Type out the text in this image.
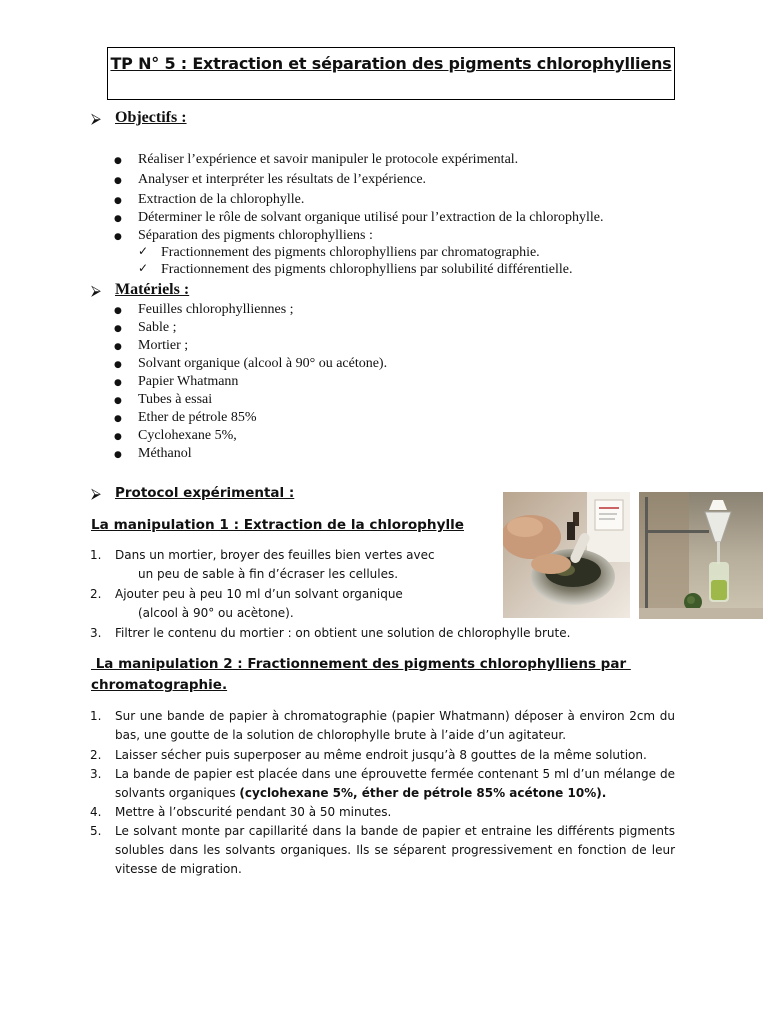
TP N° 5 : Extraction et séparation des pigments chlorophylliens
⮚ Objectifs :
● Réaliser l’expérience et savoir manipuler le protocole expérimental.
● Analyser et interpréter les résultats de l’expérience.
● Extraction de la chlorophylle.
● Déterminer le rôle de solvant organique utilisé pour l’extraction de la chlorophylle.
● Séparation des pigments chlorophylliens :
✓ Fractionnement des pigments chlorophylliens par chromatographie.
✓ Fractionnement des pigments chlorophylliens par solubilité différentielle.
⮚ Matériels :
● Feuilles chlorophylliennes ;
● Sable ;
● Mortier ;
● Solvant organique (alcool à 90° ou acétone).
● Papier Whatmann
● Tubes à essai
● Ether de pétrole 85%
● Cyclohexane 5%,
● Méthanol
⮚ Protocol expérimental :
La manipulation 1 : Extraction de la chlorophylle
1. Dans un mortier, broyer des feuilles bien vertes avec
un peu de sable à fin d’écraser les cellules.
2. Ajouter peu à peu 10 ml d’un solvant organique
(alcool à 90° ou acètone).
3. Filtrer le contenu du mortier : on obtient une solution de chlorophylle brute.
La manipulation 2 : Fractionnement des pigments chlorophylliens par
chromatographie.
1. Sur une bande de papier à chromatographie (papier Whatmann) déposer à environ 2cm du bas, une goutte de la solution de chlorophylle brute à l’aide d’un agitateur.
2. Laisser sécher puis superposer au même endroit jusqu’à 8 gouttes de la même solution.
3. La bande de papier est placée dans une éprouvette fermée contenant 5 ml d’un mélange de solvants organiques (cyclohexane 5%, éther de pétrole 85% acétone 10%).
4. Mettre à l’obscurité pendant 30 à 50 minutes.
5. Le solvant monte par capillarité dans la bande de papier et entraine les différents pigments solubles dans les solvants organiques. Ils se séparent progressivement en fonction de leur vitesse de migration.
